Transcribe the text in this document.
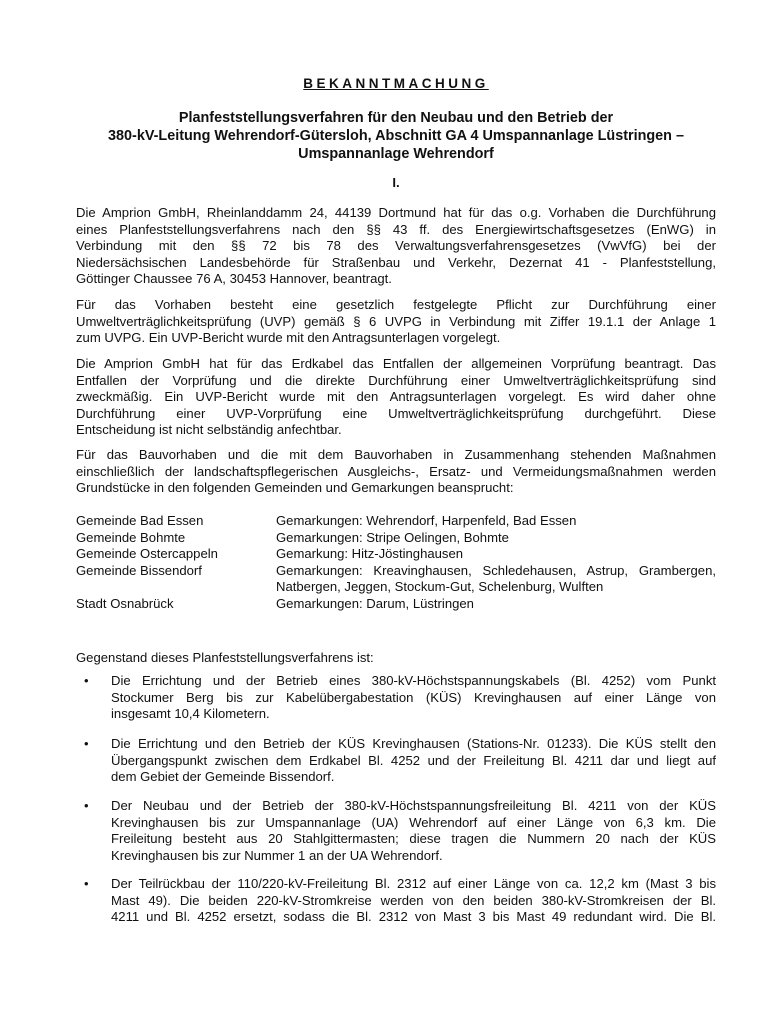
BEKANNTMACHUNG
Planfeststellungsverfahren für den Neubau und den Betrieb der
380-kV-Leitung Wehrendorf-Gütersloh, Abschnitt GA 4 Umspannanlage Lüstringen –
Umspannanlage Wehrendorf
I.
Die Amprion GmbH, Rheinlanddamm 24, 44139 Dortmund hat für das o.g. Vorhaben die Durchführung
eines Planfeststellungsverfahrens nach den §§ 43 ff. des Energiewirtschaftsgesetzes (EnWG) in
Verbindung mit den §§ 72 bis 78 des Verwaltungsverfahrensgesetzes (VwVfG) bei der
Niedersächsischen Landesbehörde für Straßenbau und Verkehr, Dezernat 41 - Planfeststellung,
Göttinger Chaussee 76 A, 30453 Hannover, beantragt.
Für das Vorhaben besteht eine gesetzlich festgelegte Pflicht zur Durchführung einer
Umweltverträglichkeitsprüfung (UVP) gemäß § 6 UVPG in Verbindung mit Ziffer 19.1.1 der Anlage 1
zum UVPG. Ein UVP-Bericht wurde mit den Antragsunterlagen vorgelegt.
Die Amprion GmbH hat für das Erdkabel das Entfallen der allgemeinen Vorprüfung beantragt. Das
Entfallen der Vorprüfung und die direkte Durchführung einer Umweltverträglichkeitsprüfung sind
zweckmäßig. Ein UVP-Bericht wurde mit den Antragsunterlagen vorgelegt. Es wird daher ohne
Durchführung einer UVP-Vorprüfung eine Umweltverträglichkeitsprüfung durchgeführt. Diese
Entscheidung ist nicht selbständig anfechtbar.
Für das Bauvorhaben und die mit dem Bauvorhaben in Zusammenhang stehenden Maßnahmen
einschließlich der landschaftspflegerischen Ausgleichs-, Ersatz- und Vermeidungsmaßnahmen werden
Grundstücke in den folgenden Gemeinden und Gemarkungen beansprucht:
Gemeinde Bad Essen	Gemarkungen: Wehrendorf, Harpenfeld, Bad Essen
Gemeinde Bohmte	Gemarkungen: Stripe Oelingen, Bohmte
Gemeinde Ostercappeln	Gemarkung: Hitz-Jöstinghausen
Gemeinde Bissendorf	Gemarkungen: Kreavinghausen, Schledehausen, Astrup, Grambergen,
Natbergen, Jeggen, Stockum-Gut, Schelenburg, Wulften
Stadt Osnabrück	Gemarkungen: Darum, Lüstringen
Gegenstand dieses Planfeststellungsverfahrens ist:
• Die Errichtung und der Betrieb eines 380-kV-Höchstspannungskabels (Bl. 4252) vom Punkt
Stockumer Berg bis zur Kabelübergabestation (KÜS) Krevinghausen auf einer Länge von
insgesamt 10,4 Kilometern.
• Die Errichtung und den Betrieb der KÜS Krevinghausen (Stations-Nr. 01233). Die KÜS stellt den
Übergangspunkt zwischen dem Erdkabel Bl. 4252 und der Freileitung Bl. 4211 dar und liegt auf
dem Gebiet der Gemeinde Bissendorf.
• Der Neubau und der Betrieb der 380-kV-Höchstspannungsfreileitung Bl. 4211 von der KÜS
Krevinghausen bis zur Umspannanlage (UA) Wehrendorf auf einer Länge von 6,3 km. Die
Freileitung besteht aus 20 Stahlgittermasten; diese tragen die Nummern 20 nach der KÜS
Krevinghausen bis zur Nummer 1 an der UA Wehrendorf.
• Der Teilrückbau der 110/220-kV-Freileitung Bl. 2312 auf einer Länge von ca. 12,2 km (Mast 3 bis
Mast 49). Die beiden 220-kV-Stromkreise werden von den beiden 380-kV-Stromkreisen der Bl.
4211 und Bl. 4252 ersetzt, sodass die Bl. 2312 von Mast 3 bis Mast 49 redundant wird. Die Bl.
